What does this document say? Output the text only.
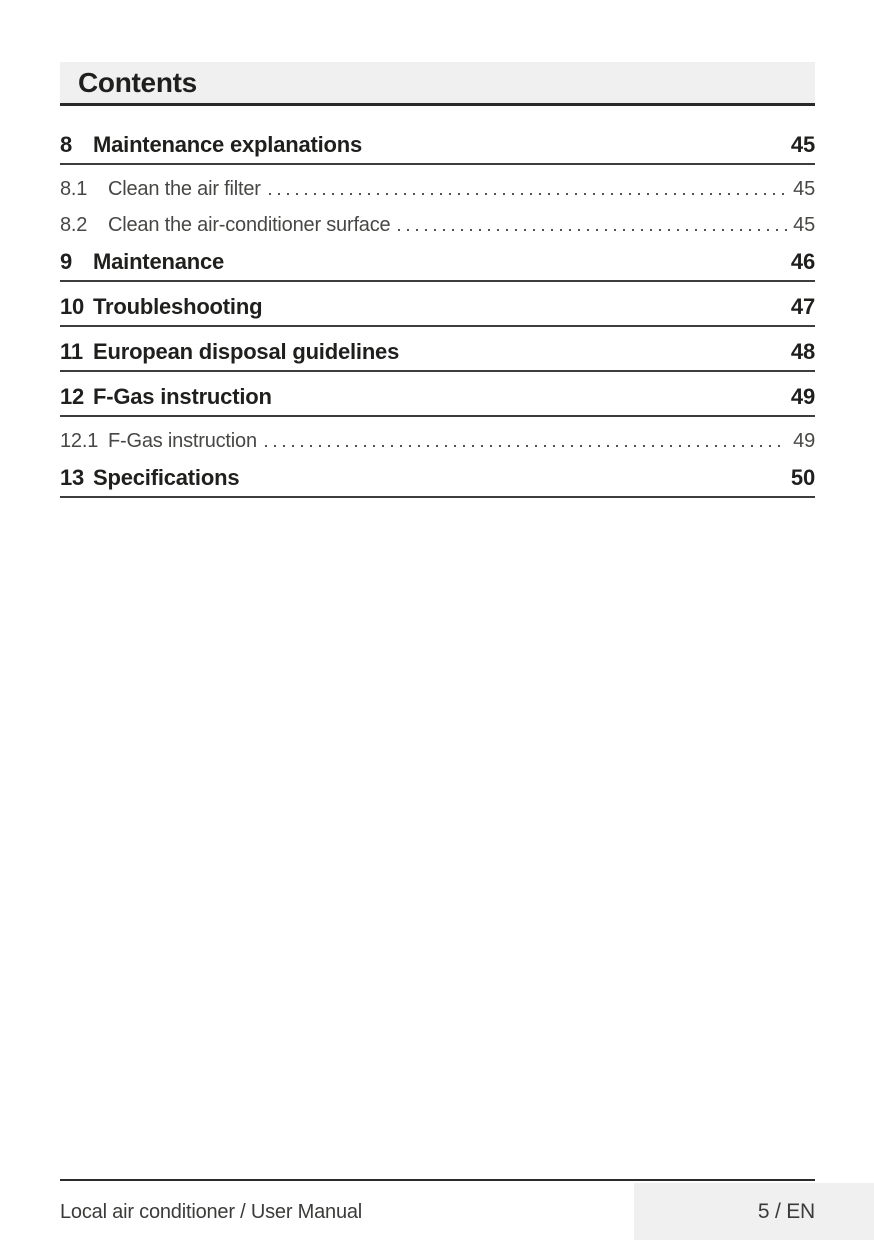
Contents
8 Maintenance explanations	45
8.1	Clean the air filter	45
8.2	Clean the air-conditioner surface	45
9 Maintenance	46
10 Troubleshooting	47
11 European disposal guidelines	48
12 F-Gas instruction	49
12.1 F-Gas instruction	49
13 Specifications	50
Local air conditioner / User Manual	5 / EN
